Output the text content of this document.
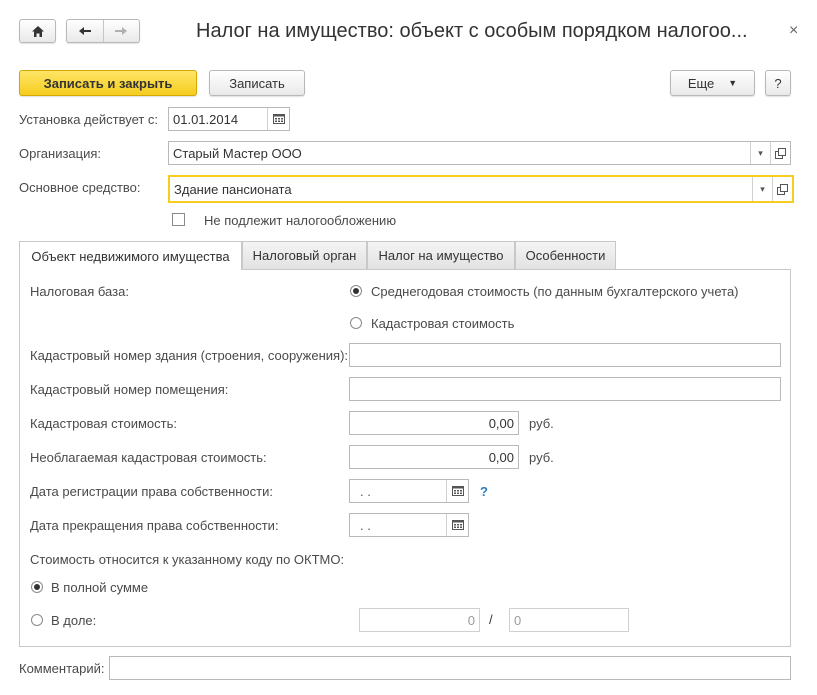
Налог на имущество: объект с особым порядком налогоо...	×
Записать и закрыть	Записать	Еще ▼	?
Установка действует с:	01.01.2014
Организация:	Старый Мастер ООО	▾
Основное средство:	Здание пансионата	▾
Не подлежит налогообложению
Объект недвижимого имущества	Налоговый орган	Налог на имущество	Особенности
Налоговая база:	Среднегодовая стоимость (по данным бухгалтерского учета)
Кадастровая стоимость
Кадастровый номер здания (строения, сооружения):
Кадастровый номер помещения:
Кадастровая стоимость:	0,00	руб.
Необлагаемая кадастровая стоимость:	0,00	руб.
Дата регистрации права собственности:	. .	?
Дата прекращения права собственности:	. .
Стоимость относится к указанному коду по ОКТМО:
В полной сумме
В доле:	0	/	0
Комментарий:
